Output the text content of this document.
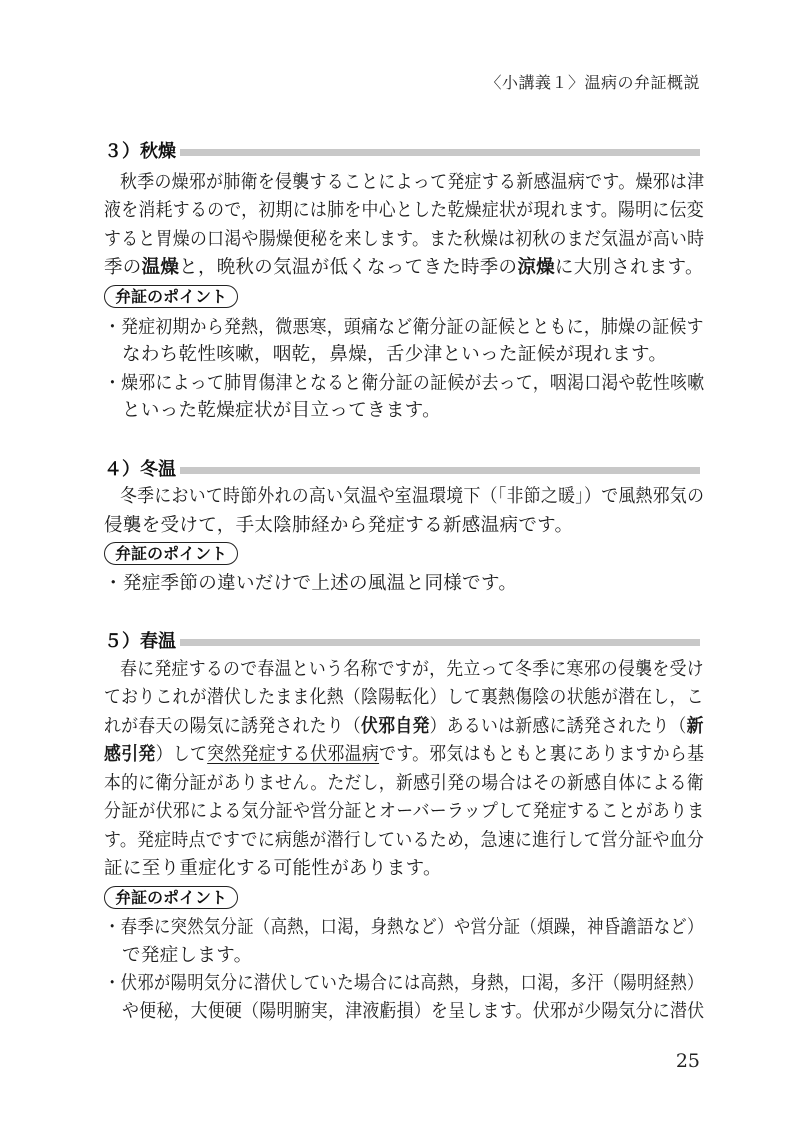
〈小講義１〉温病の弁証概説
３）秋燥
秋季の燥邪が肺衛を侵襲することによって発症する新感温病です。燥邪は津
液を消耗するので，初期には肺を中心とした乾燥症状が現れます。陽明に伝変
すると胃燥の口渇や腸燥便秘を来します。また秋燥は初秋のまだ気温が高い時
季の温燥と，晩秋の気温が低くなってきた時季の涼燥に大別されます。
弁証のポイント
・発症初期から発熱，微悪寒，頭痛など衛分証の証候とともに，肺燥の証候す
なわち乾性咳嗽，咽乾，鼻燥，舌少津といった証候が現れます。
・燥邪によって肺胃傷津となると衛分証の証候が去って，咽渇口渇や乾性咳嗽
といった乾燥症状が目立ってきます。
４）冬温
冬季において時節外れの高い気温や室温環境下（「非節之暖」）で風熱邪気の
侵襲を受けて，手太陰肺経から発症する新感温病です。
弁証のポイント
・発症季節の違いだけで上述の風温と同様です。
５）春温
春に発症するので春温という名称ですが，先立って冬季に寒邪の侵襲を受け
ておりこれが潜伏したまま化熱（陰陽転化）して裏熱傷陰の状態が潜在し，こ
れが春天の陽気に誘発されたり（伏邪自発）あるいは新感に誘発されたり（新
感引発）して突然発症する伏邪温病です。邪気はもともと裏にありますから基
本的に衛分証がありません。ただし，新感引発の場合はその新感自体による衛
分証が伏邪による気分証や営分証とオーバーラップして発症することがありま
す。発症時点ですでに病態が潜行しているため，急速に進行して営分証や血分
証に至り重症化する可能性があります。
弁証のポイント
・春季に突然気分証（高熱，口渇，身熱など）や営分証（煩躁，神昏譫語など）
で発症します。
・伏邪が陽明気分に潜伏していた場合には高熱，身熱，口渇，多汗（陽明経熱）
や便秘，大便硬（陽明腑実，津液虧損）を呈します。伏邪が少陽気分に潜伏
25
